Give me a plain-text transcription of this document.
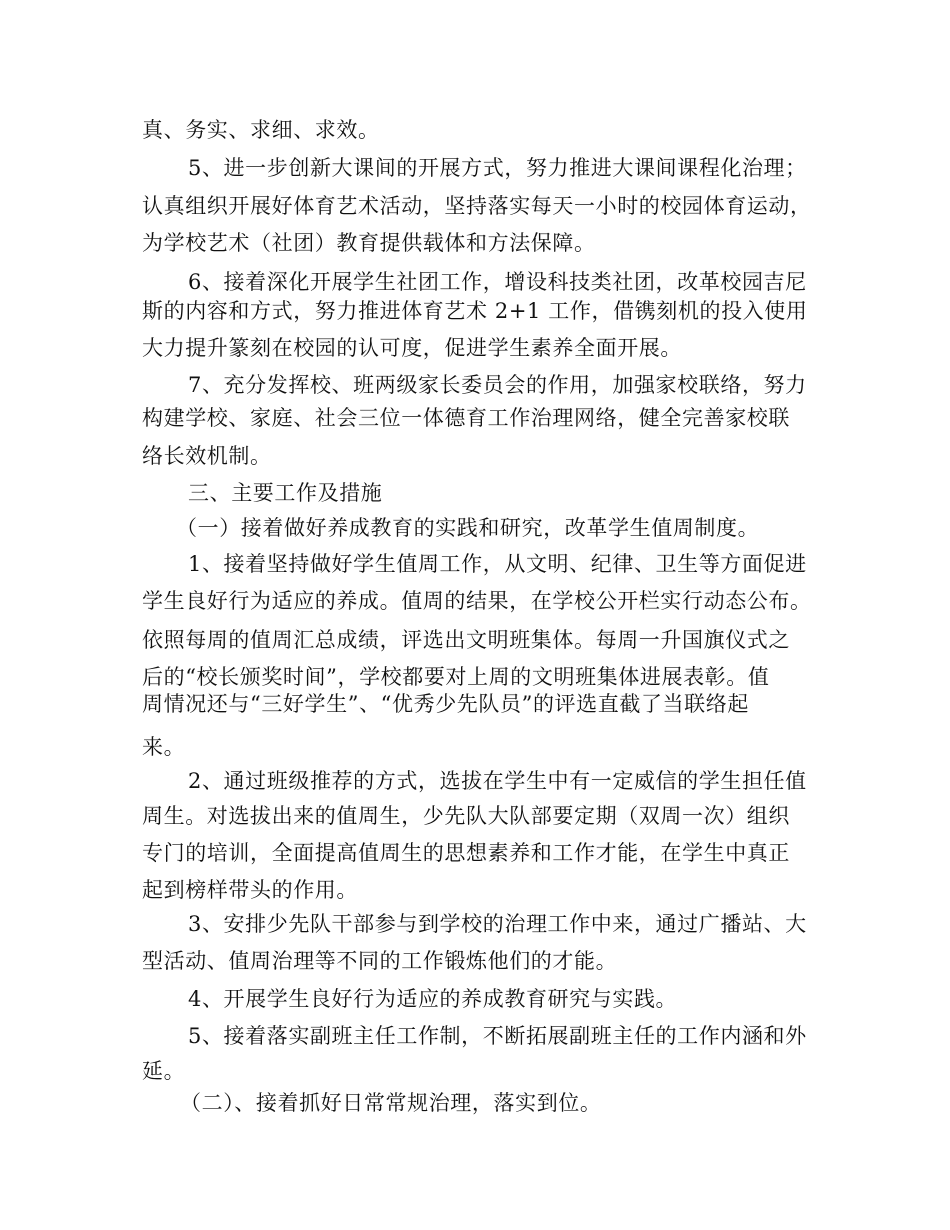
真、务实、求细、求效。
5、进一步创新大课间的开展方式，努力推进大课间课程化治理；
认真组织开展好体育艺术活动，坚持落实每天一小时的校园体育运动，
为学校艺术（社团）教育提供载体和方法保障。
6、接着深化开展学生社团工作，增设科技类社团，改革校园吉尼
斯的内容和方式，努力推进体育艺术 2+1 工作，借镌刻机的投入使用
大力提升篆刻在校园的认可度，促进学生素养全面开展。
7、充分发挥校、班两级家长委员会的作用，加强家校联络，努力
构建学校、家庭、社会三位一体德育工作治理网络，健全完善家校联
络长效机制。
三、主要工作及措施
（一）接着做好养成教育的实践和研究，改革学生值周制度。
1、接着坚持做好学生值周工作，从文明、纪律、卫生等方面促进
学生良好行为适应的养成。值周的结果，在学校公开栏实行动态公布。
依照每周的值周汇总成绩，评选出文明班集体。每周一升国旗仪式之
后的“校长颁奖时间”，学校都要对上周的文明班集体进展表彰。值
周情况还与“三好学生”、“优秀少先队员”的评选直截了当联络起
来。
2、通过班级推荐的方式，选拔在学生中有一定威信的学生担任值
周生。对选拔出来的值周生，少先队大队部要定期（双周一次）组织
专门的培训，全面提高值周生的思想素养和工作才能，在学生中真正
起到榜样带头的作用。
3、安排少先队干部参与到学校的治理工作中来，通过广播站、大
型活动、值周治理等不同的工作锻炼他们的才能。
4、开展学生良好行为适应的养成教育研究与实践。
5、接着落实副班主任工作制，不断拓展副班主任的工作内涵和外
延。
（二）、接着抓好日常常规治理，落实到位。
